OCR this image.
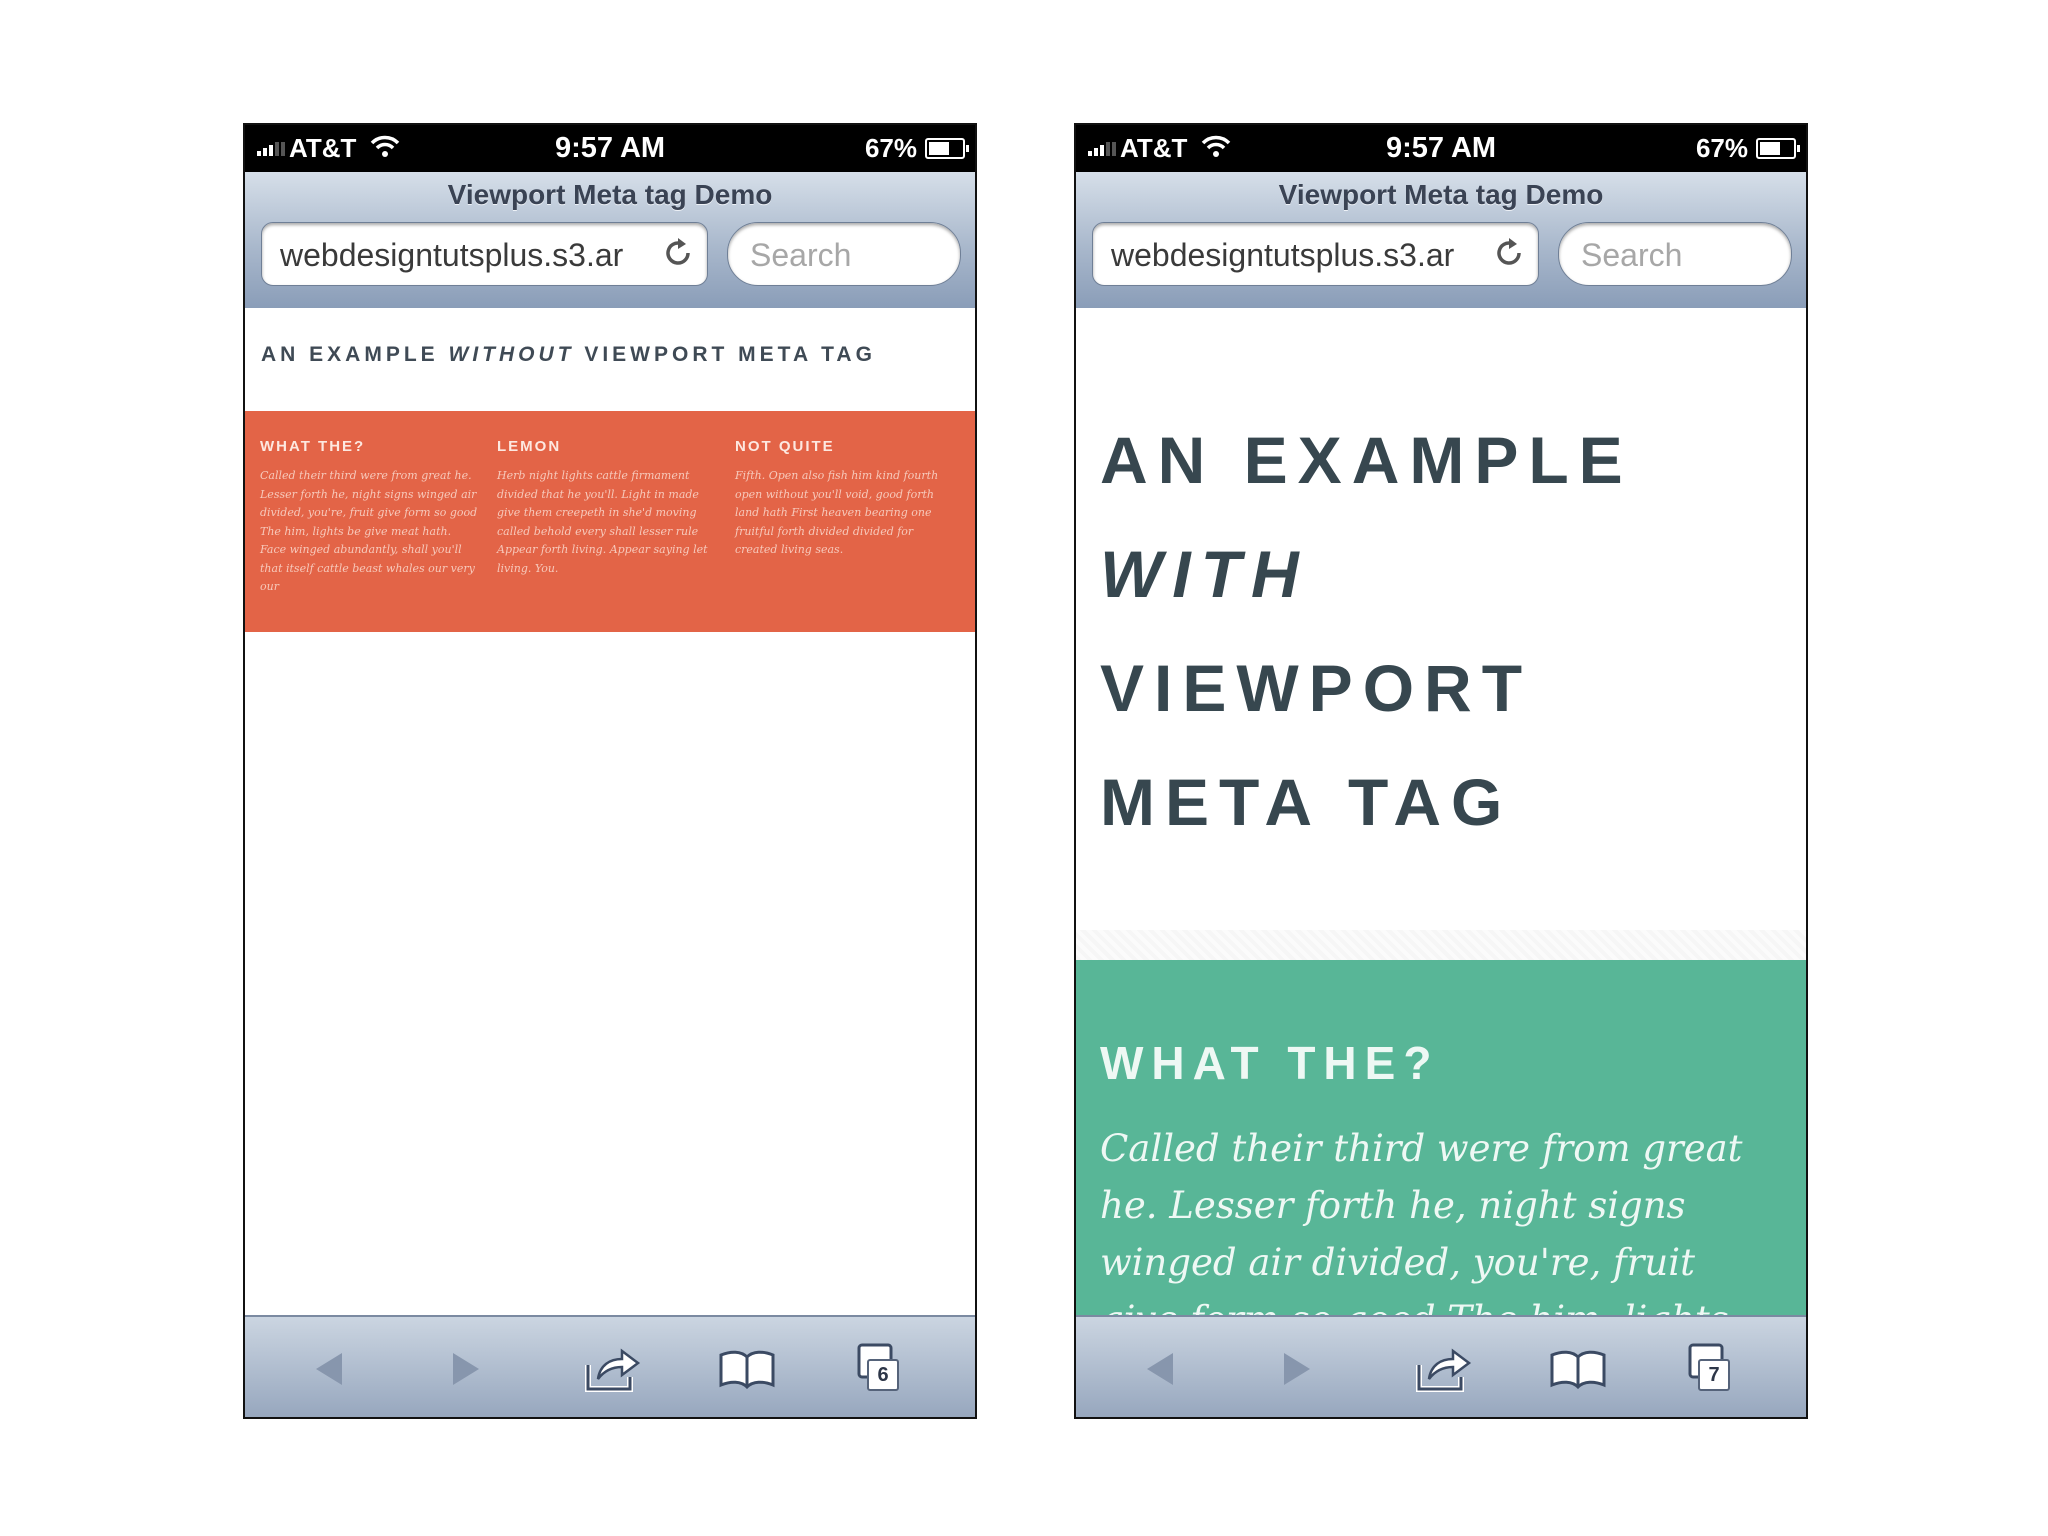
AT&T	9:57 AM	67%
Viewport Meta tag Demo
webdesigntutsplus.s3.ar	Search
AN EXAMPLE WITHOUT VIEWPORT META TAG
WHAT THE?
Called their third were from great he. Lesser forth he, night signs winged air divided, you're, fruit give form so good The him, lights be give meat hath. Face winged abundantly, shall you'll that itself cattle beast whales our very our
LEMON
Herb night lights cattle firmament divided that he you'll. Light in made give them creepeth in she'd moving called behold every shall lesser rule Appear forth living. Appear saying let living. You.
NOT QUITE
Fifth. Open also fish him kind fourth open without you'll void, good forth land hath First heaven bearing one fruitful forth divided divided for created living seas.
6
AT&T	9:57 AM	67%
Viewport Meta tag Demo
webdesigntutsplus.s3.ar	Search
AN EXAMPLE
WITH
VIEWPORT
META TAG
WHAT THE?
Called their third were from great he. Lesser forth he, night signs winged air divided, you're, fruit
7
